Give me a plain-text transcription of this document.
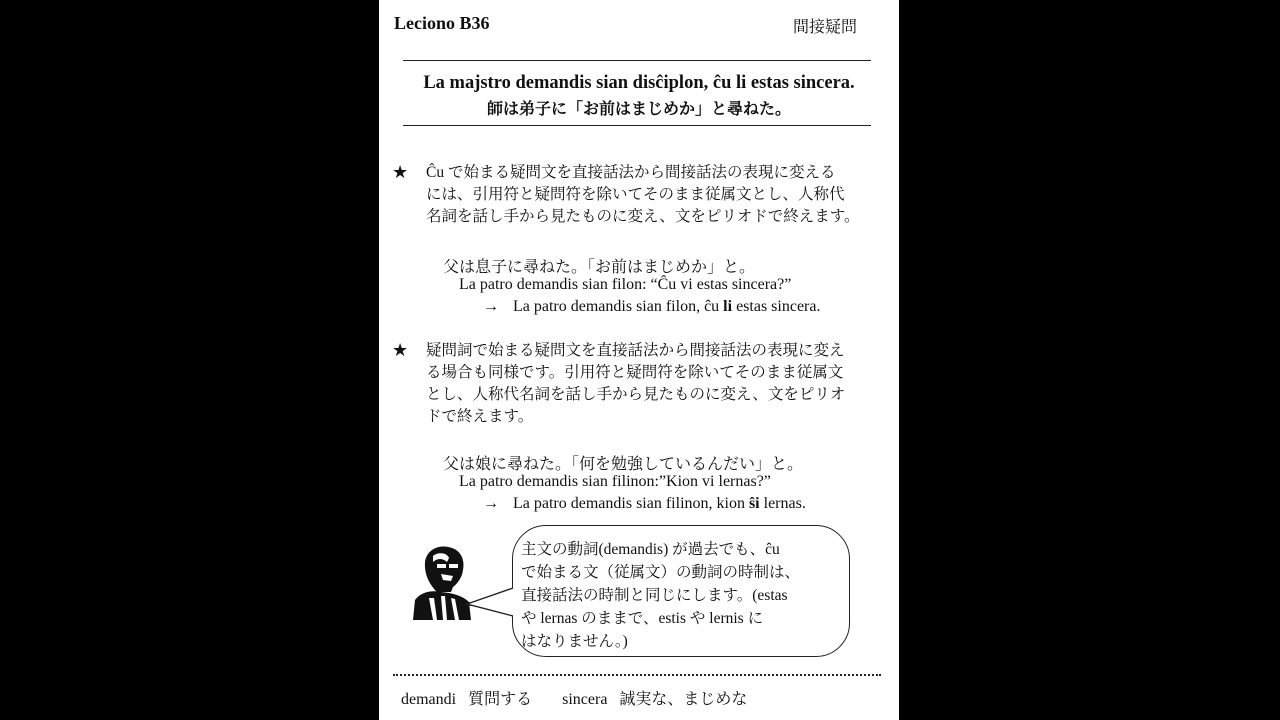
Leciono B36	間接疑問
La majstro demandis sian disĉiplon, ĉu li estas sincera.
師は弟子に「お前はまじめか」と尋ねた。
★ Ĉu で始まる疑問文を直接話法から間接話法の表現に変える
には、引用符と疑問符を除いてそのまま従属文とし、人称代
名詞を話し手から見たものに変え、文をピリオドで終えます。
父は息子に尋ねた。「お前はまじめか」と。
La patro demandis sian filon: “Ĉu vi estas sincera?”
→ La patro demandis sian filon, ĉu li estas sincera.
★ 疑問詞で始まる疑問文を直接話法から間接話法の表現に変え
る場合も同様です。引用符と疑問符を除いてそのまま従属文
とし、人称代名詞を話し手から見たものに変え、文をピリオ
ドで終えます。
父は娘に尋ねた。「何を勉強しているんだい」と。
La patro demandis sian filinon:”Kion vi lernas?”
→ La patro demandis sian filinon, kion ŝi lernas.
主文の動詞(demandis) が過去でも、ĉu
で始まる文（従属文）の動詞の時制は、
直接話法の時制と同じにします。(estas
や lernas のままで、estis や lernis に
はなりません。)
demandi 質問する sincera 誠実な、まじめな
